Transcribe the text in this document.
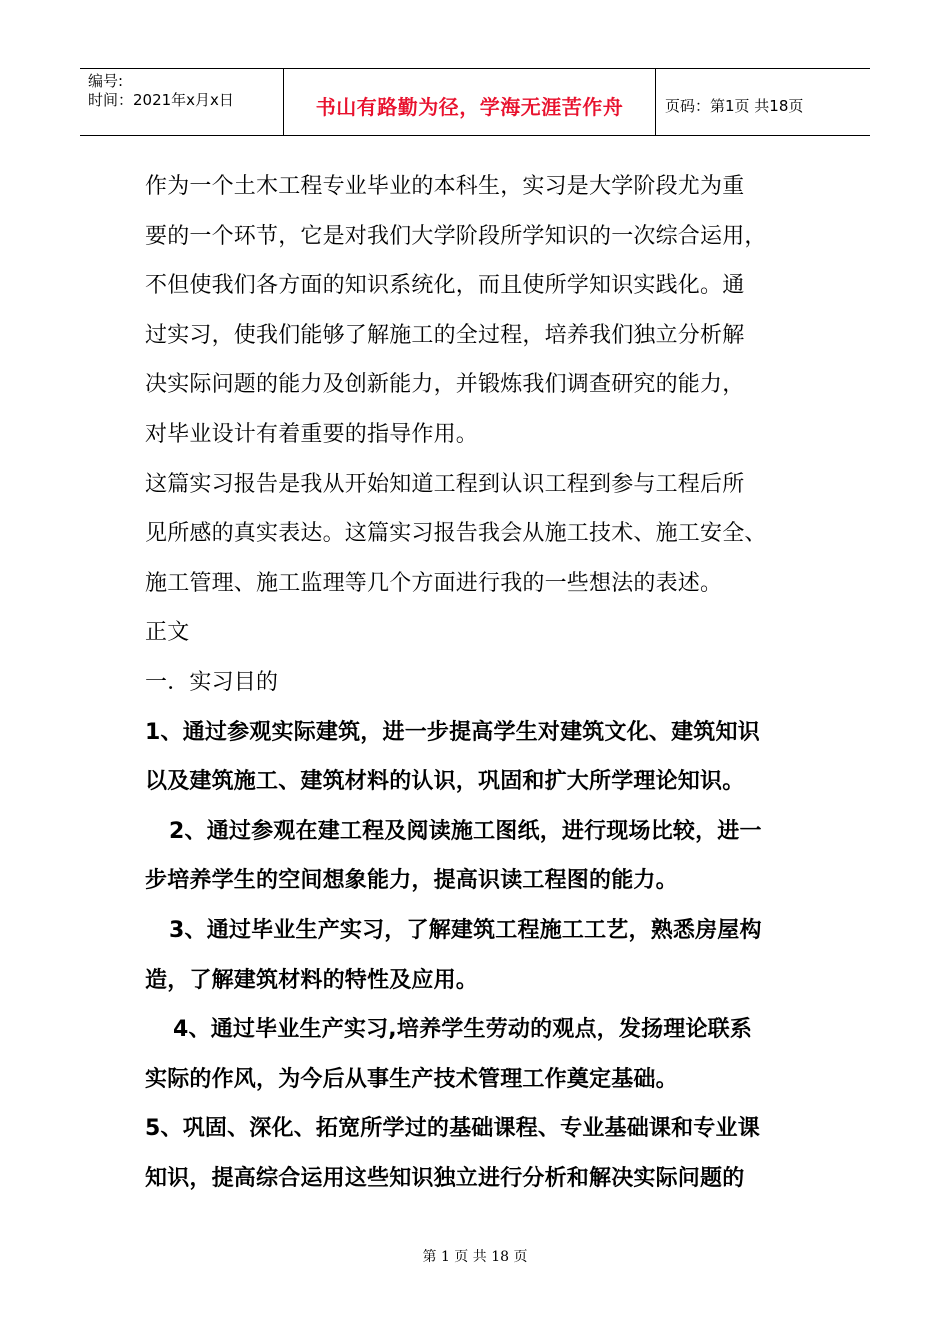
编号:
时间：2021年x月x日	书山有路勤为径，学海无涯苦作舟	页码：第1页 共18页
作为一个土木工程专业毕业的本科生，实习是大学阶段尤为重
要的一个环节，它是对我们大学阶段所学知识的一次综合运用，
不但使我们各方面的知识系统化，而且使所学知识实践化。通
过实习，使我们能够了解施工的全过程，培养我们独立分析解
决实际问题的能力及创新能力，并锻炼我们调查研究的能力，
对毕业设计有着重要的指导作用。
这篇实习报告是我从开始知道工程到认识工程到参与工程后所
见所感的真实表达。这篇实习报告我会从施工技术、施工安全、
施工管理、施工监理等几个方面进行我的一些想法的表述。
正文
一．实习目的
1、通过参观实际建筑，进一步提高学生对建筑文化、建筑知识
以及建筑施工、建筑材料的认识，巩固和扩大所学理论知识。
2、通过参观在建工程及阅读施工图纸，进行现场比较，进一
步培养学生的空间想象能力，提高识读工程图的能力。
3、通过毕业生产实习，了解建筑工程施工工艺，熟悉房屋构
造，了解建筑材料的特性及应用。
4、通过毕业生产实习,培养学生劳动的观点，发扬理论联系
实际的作风，为今后从事生产技术管理工作奠定基础。
5、巩固、深化、拓宽所学过的基础课程、专业基础课和专业课
知识，提高综合运用这些知识独立进行分析和解决实际问题的
第 1 页 共 18 页
